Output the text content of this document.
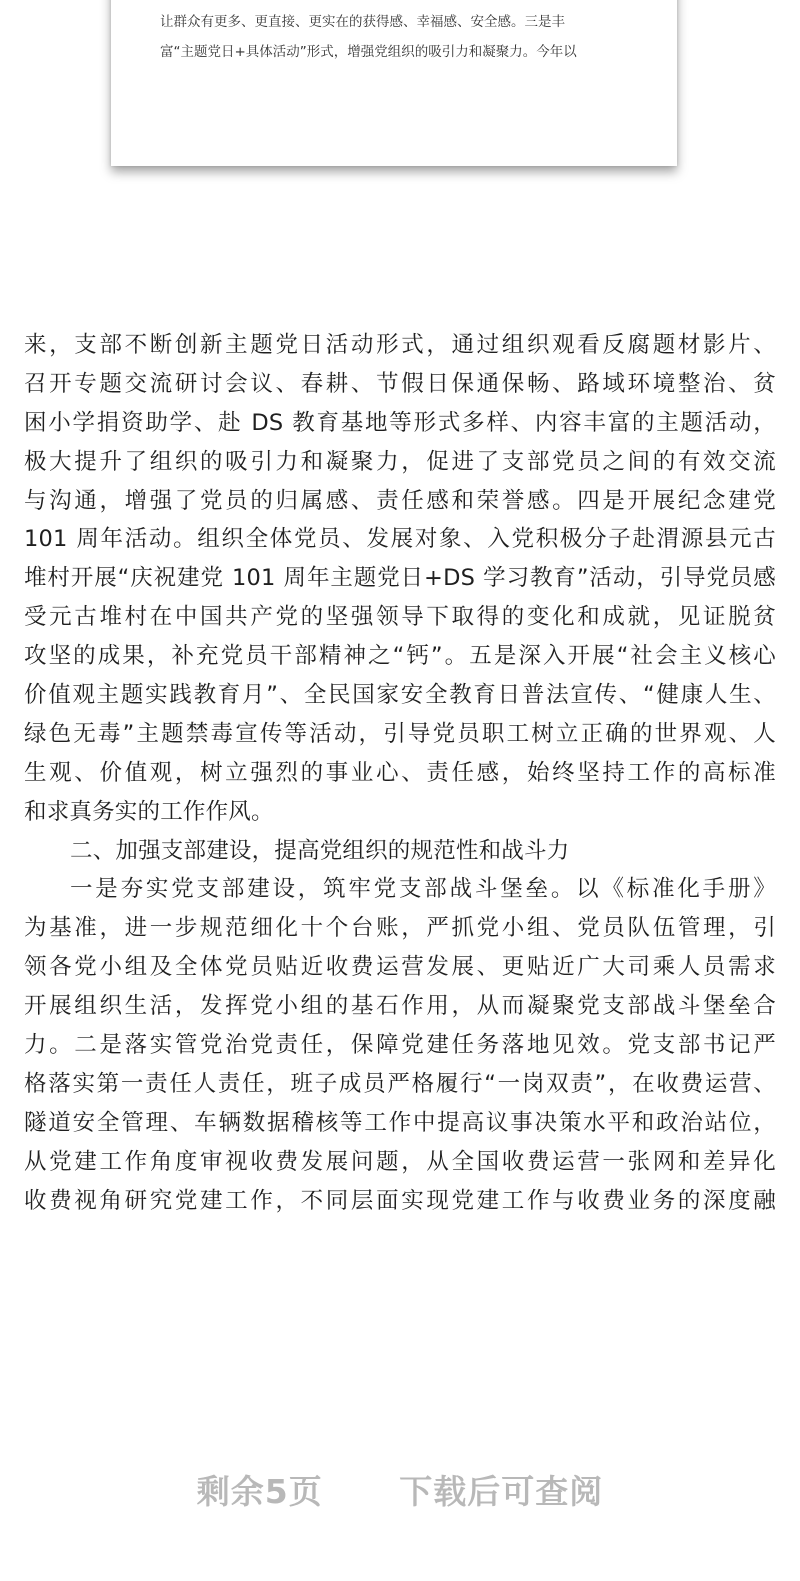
让群众有更多、更直接、更实在的获得感、幸福感、安全感。三是丰
富“主题党日+具体活动”形式，增强党组织的吸引力和凝聚力。今年以
来，支部不断创新主题党日活动形式，通过组织观看反腐题材影片、
召开专题交流研讨会议、春耕、节假日保通保畅、路域环境整治、贫
困小学捐资助学、赴 DS 教育基地等形式多样、内容丰富的主题活动，
极大提升了组织的吸引力和凝聚力，促进了支部党员之间的有效交流
与沟通，增强了党员的归属感、责任感和荣誉感。四是开展纪念建党
101 周年活动。组织全体党员、发展对象、入党积极分子赴渭源县元古
堆村开展“庆祝建党 101 周年主题党日+DS 学习教育”活动，引导党员感
受元古堆村在中国共产党的坚强领导下取得的变化和成就，见证脱贫
攻坚的成果，补充党员干部精神之“钙”。五是深入开展“社会主义核心
价值观主题实践教育月”、全民国家安全教育日普法宣传、“健康人生、
绿色无毒”主题禁毒宣传等活动，引导党员职工树立正确的世界观、人
生观、价值观，树立强烈的事业心、责任感，始终坚持工作的高标准
和求真务实的工作作风。
二、加强支部建设，提高党组织的规范性和战斗力
一是夯实党支部建设，筑牢党支部战斗堡垒。以《标准化手册》
为基准，进一步规范细化十个台账，严抓党小组、党员队伍管理，引
领各党小组及全体党员贴近收费运营发展、更贴近广大司乘人员需求
开展组织生活，发挥党小组的基石作用，从而凝聚党支部战斗堡垒合
力。二是落实管党治党责任，保障党建任务落地见效。党支部书记严
格落实第一责任人责任，班子成员严格履行“一岗双责”，在收费运营、
隧道安全管理、车辆数据稽核等工作中提高议事决策水平和政治站位，
从党建工作角度审视收费发展问题，从全国收费运营一张网和差异化
收费视角研究党建工作，不同层面实现党建工作与收费业务的深度融
剩余5页 下载后可查阅
